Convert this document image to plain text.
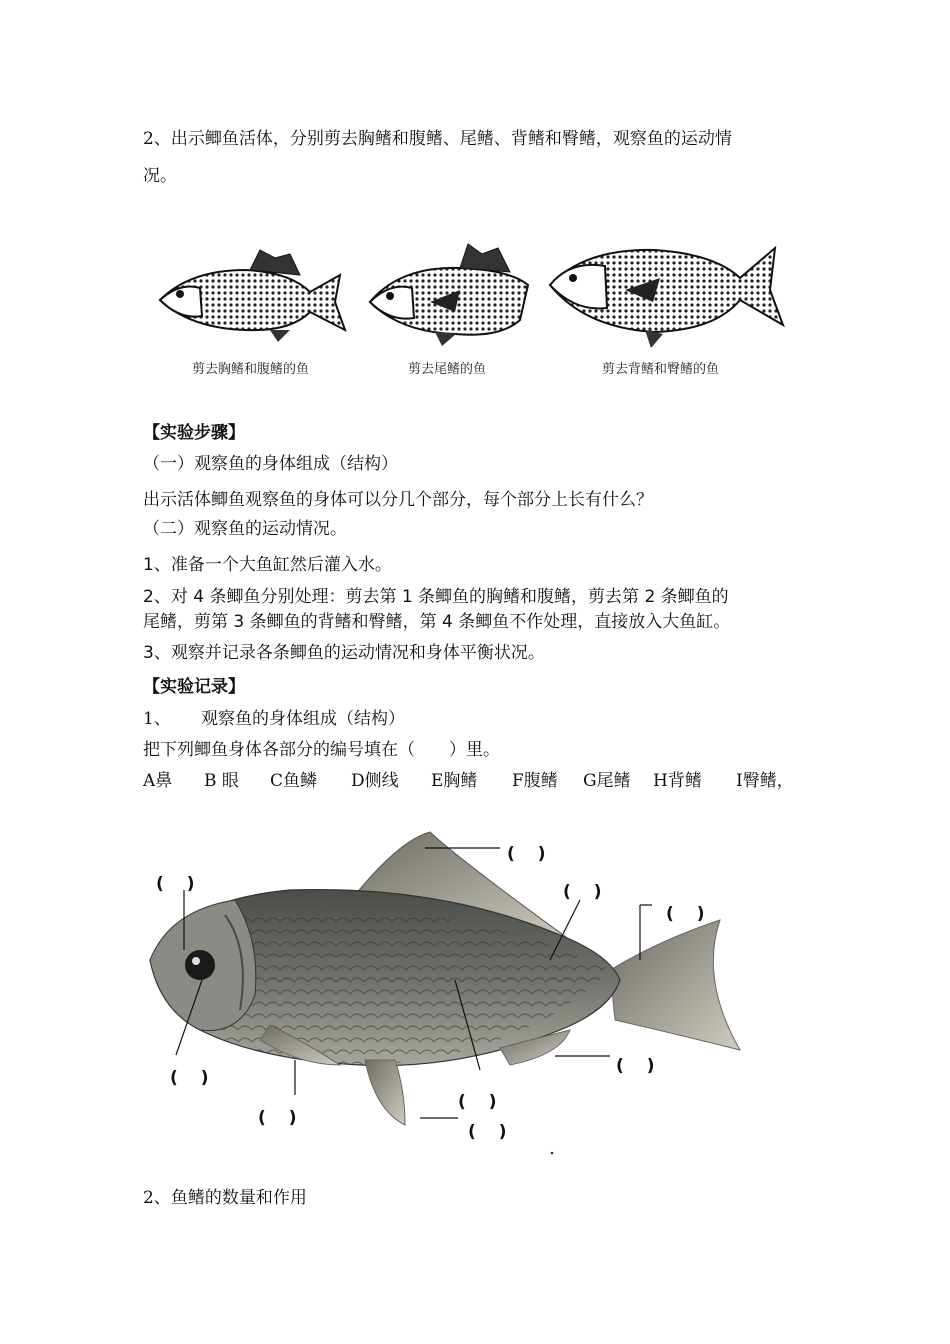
2、出示鲫鱼活体，分别剪去胸鳍和腹鳍、尾鳍、背鳍和臀鳍，观察鱼的运动情
况。
剪去胸鳍和腹鳍的鱼	剪去尾鳍的鱼	剪去背鳍和臀鳍的鱼
【实验步骤】
（一）观察鱼的身体组成（结构）
出示活体鲫鱼观察鱼的身体可以分几个部分，每个部分上长有什么？
（二）观察鱼的运动情况。
1、准备一个大鱼缸然后灌入水。
2、对 4 条鲫鱼分别处理：剪去第 1 条鲫鱼的胸鳍和腹鳍，剪去第 2 条鲫鱼的
尾鳍，剪第 3 条鲫鱼的背鳍和臀鳍，第 4 条鲫鱼不作处理，直接放入大鱼缸。
3、观察并记录各条鲫鱼的运动情况和身体平衡状况。
【实验记录】
1、 观察鱼的身体组成（结构）
把下列鲫鱼身体各部分的编号填在（　　）里。
A鼻 B 眼 C鱼鳞 D侧线 E胸鳍 F腹鳍 G尾鳍 H背鳍 I臀鳍，
(　 )
(　 )
(　 )
(　 )
(　 )
(　 )
(　 )
(　 )
(　 )
2、鱼鳍的数量和作用
